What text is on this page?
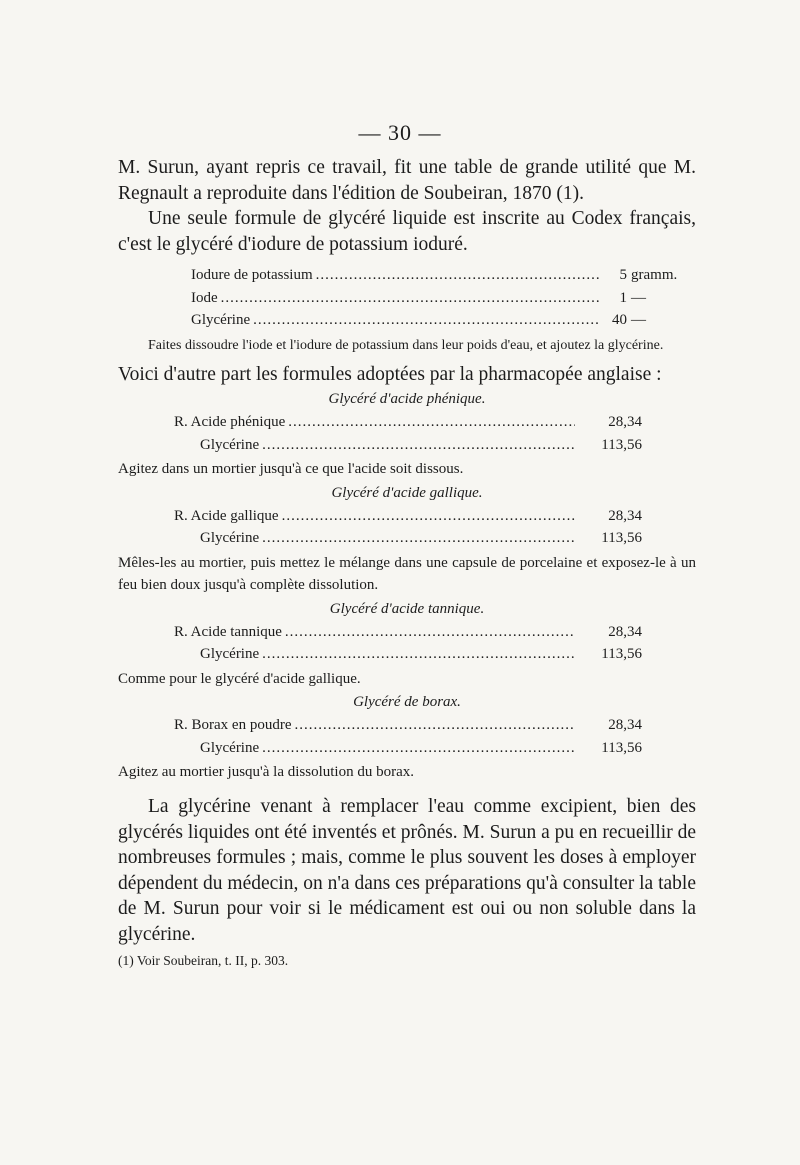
— 30 —

M. Surun, ayant repris ce travail, fit une table de grande utilité que M. Regnault a reproduite dans l'édition de Soubeiran, 1870 (1).

Une seule formule de glycéré liquide est inscrite au Codex français, c'est le glycéré d'iodure de potassium ioduré.

Iodure de potassium .....	5 gramm.
Iode .....	1 —
Glycérine .....	40 —

Faites dissoudre l'iode et l'iodure de potassium dans leur poids d'eau, et ajoutez la glycérine.

Voici d'autre part les formules adoptées par la pharmacopée anglaise :

Glycéré d'acide phénique.

R. Acide phénique .....	28,34
Glycérine .....	113,56

Agitez dans un mortier jusqu'à ce que l'acide soit dissous.

Glycéré d'acide gallique.

R. Acide gallique .....	28,34
Glycérine .....	113,56

Mêles-les au mortier, puis mettez le mélange dans une capsule de porcelaine et exposez-le à un feu bien doux jusqu'à complète dissolution.

Glycéré d'acide tannique.

R. Acide tannique .....	28,34
Glycérine .....	113,56

Comme pour le glycéré d'acide gallique.

Glycéré de borax.

R. Borax en poudre .....	28,34
Glycérine .....	113,56

Agitez au mortier jusqu'à la dissolution du borax.

La glycérine venant à remplacer l'eau comme excipient, bien des glycérés liquides ont été inventés et prônés. M. Surun a pu en recueillir de nombreuses formules ; mais, comme le plus souvent les doses à employer dépendent du médecin, on n'a dans ces préparations qu'à consulter la table de M. Surun pour voir si le médicament est oui ou non soluble dans la glycérine.

(1) Voir Soubeiran, t. II, p. 303.
